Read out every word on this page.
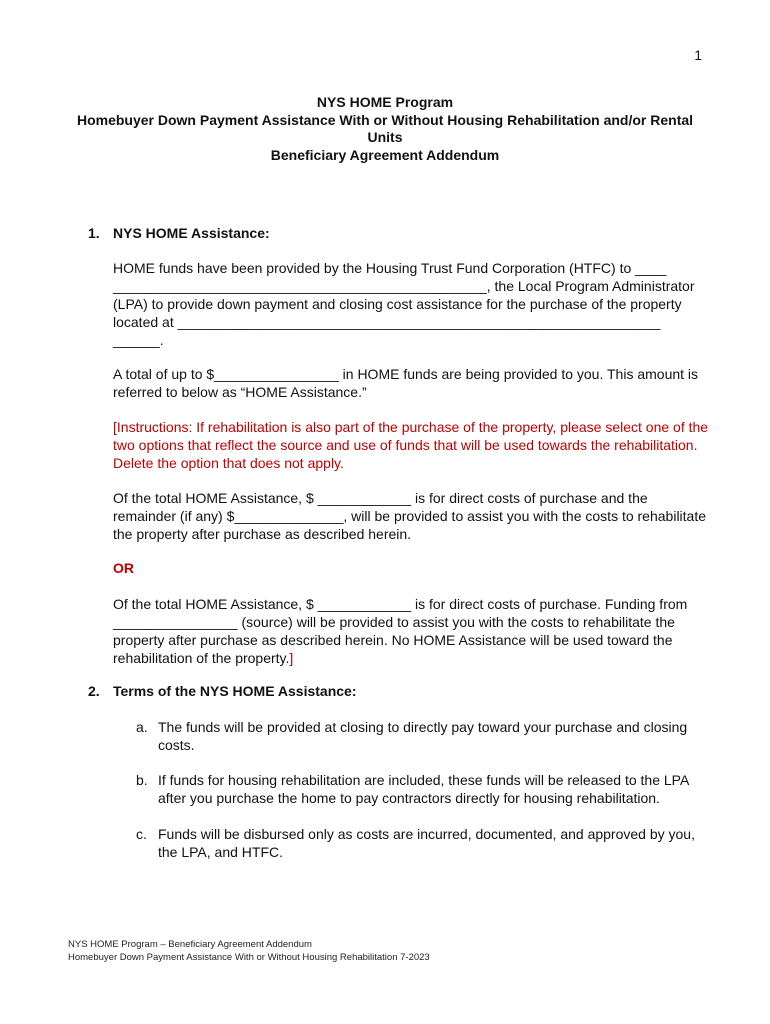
1
NYS HOME Program
Homebuyer Down Payment Assistance With or Without Housing Rehabilitation and/or Rental
Units
Beneficiary Agreement Addendum
1. NYS HOME Assistance:
HOME funds have been provided by the Housing Trust Fund Corporation (HTFC) to ____ ________________________________________________, the Local Program Administrator (LPA) to provide down payment and closing cost assistance for the purchase of the property located at ______________________________________________________________ ______.
A total of up to $________________ in HOME funds are being provided to you. This amount is referred to below as “HOME Assistance.”
[Instructions: If rehabilitation is also part of the purchase of the property, please select one of the two options that reflect the source and use of funds that will be used towards the rehabilitation. Delete the option that does not apply.
Of the total HOME Assistance, $ ____________ is for direct costs of purchase and the remainder (if any) $______________, will be provided to assist you with the costs to rehabilitate the property after purchase as described herein.
OR
Of the total HOME Assistance, $ ____________ is for direct costs of purchase. Funding from ________________ (source) will be provided to assist you with the costs to rehabilitate the property after purchase as described herein. No HOME Assistance will be used toward the rehabilitation of the property.]
2. Terms of the NYS HOME Assistance:
a. The funds will be provided at closing to directly pay toward your purchase and closing costs.
b. If funds for housing rehabilitation are included, these funds will be released to the LPA after you purchase the home to pay contractors directly for housing rehabilitation.
c. Funds will be disbursed only as costs are incurred, documented, and approved by you, the LPA, and HTFC.
NYS HOME Program – Beneficiary Agreement Addendum
Homebuyer Down Payment Assistance With or Without Housing Rehabilitation 7-2023
